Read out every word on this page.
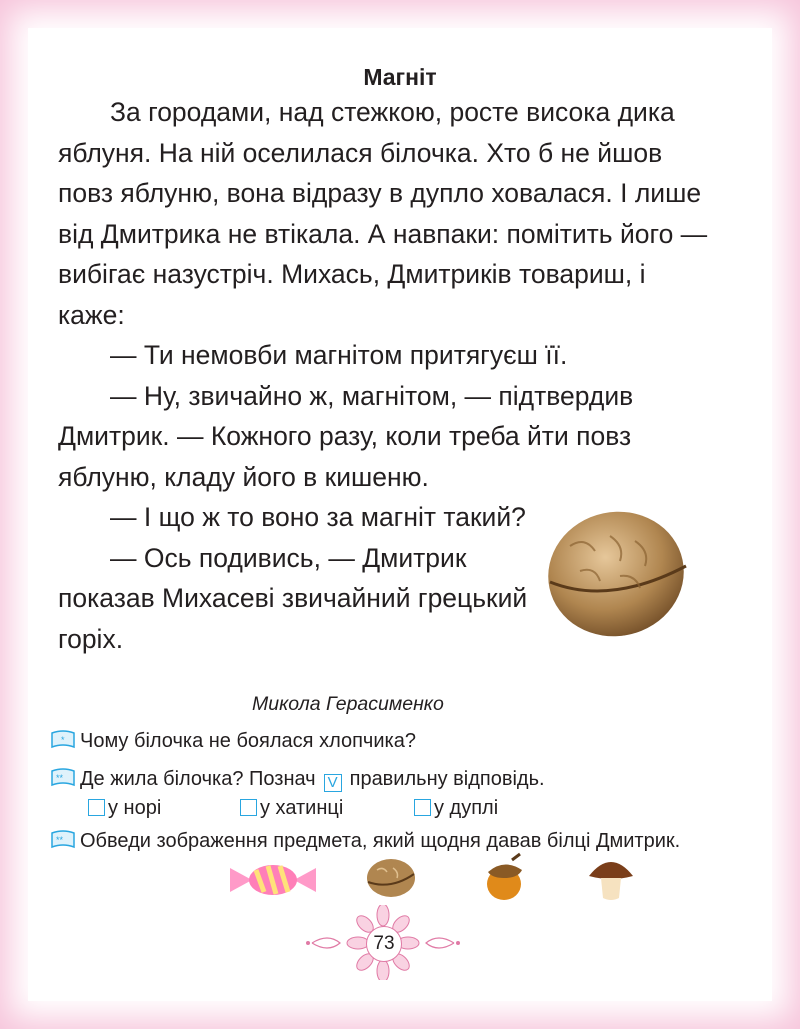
Магніт

За городами, над стежкою, росте висока дика яблуня. На ній оселилася білочка. Хто б не йшов повз яблуню, вона відразу в дупло ховалася. І лише від Дмитрика не втікала. А навпаки: помітить його — вибігає назустріч. Михась, Дмитриків товариш, і каже:

— Ти немовби магнітом притягуєш її.

— Ну, звичайно ж, магнітом, — підтвердив Дмитрик. — Кожного разу, коли треба йти повз яблуню, кладу його в кишеню.

— І що ж то воно за магніт такий?

— Ось подивись, — Дмитрик показав Михасеві звичайний грецький горіх.

Микола Герасименко
* Чому білочка не боялася хлопчика?
** Де жила білочка? Познач V правильну відповідь.
у норі	у хатинці	у дуплі
** Обведи зображення предмета, який щодня давав білці Дмитрик.
73
